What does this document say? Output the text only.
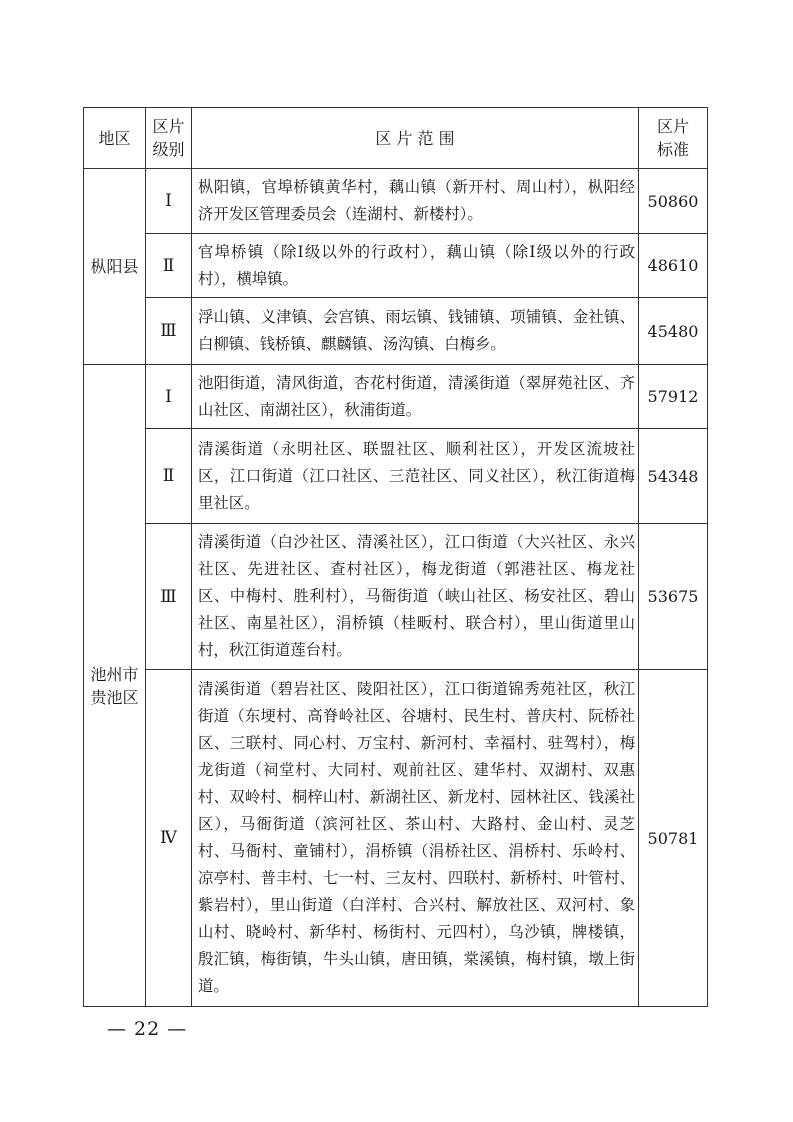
地区	区片级别	区 片 范 围	区片标准
枞阳县	Ⅰ	枞阳镇，官埠桥镇黄华村，藕山镇（新开村、周山村），枞阳经济开发区管理委员会（连湖村、新楼村）。	50860
	Ⅱ	官埠桥镇（除Ⅰ级以外的行政村），藕山镇（除Ⅰ级以外的行政村），横埠镇。	48610
	Ⅲ	浮山镇、义津镇、会宫镇、雨坛镇、钱铺镇、项铺镇、金社镇、白柳镇、钱桥镇、麒麟镇、汤沟镇、白梅乡。	45480
池州市贵池区	Ⅰ	池阳街道，清风街道，杏花村街道，清溪街道（翠屏苑社区、齐山社区、南湖社区），秋浦街道。	57912
	Ⅱ	清溪街道（永明社区、联盟社区、顺利社区），开发区流坡社区，江口街道（江口社区、三范社区、同义社区），秋江街道梅里社区。	54348
	Ⅲ	清溪街道（白沙社区、清溪社区），江口街道（大兴社区、永兴社区、先进社区、查村社区），梅龙街道（郭港社区、梅龙社区、中梅村、胜利村），马衙街道（峡山社区、杨安社区、碧山社区、南星社区），涓桥镇（桂畈村、联合村），里山街道里山村，秋江街道莲台村。	53675
	Ⅳ	清溪街道（碧岩社区、陵阳社区），江口街道锦秀苑社区，秋江街道（东埂村、高脊岭社区、谷塘村、民生村、普庆村、阮桥社区、三联村、同心村、万宝村、新河村、幸福村、驻驾村），梅龙街道（祠堂村、大同村、观前社区、建华村、双湖村、双惠村、双岭村、桐梓山村、新湖社区、新龙村、园林社区、钱溪社区），马衙街道（滨河社区、茶山村、大路村、金山村、灵芝村、马衙村、童铺村），涓桥镇（涓桥社区、涓桥村、乐岭村、凉亭村、普丰村、七一村、三友村、四联村、新桥村、叶管村、紫岩村），里山街道（白洋村、合兴村、解放社区、双河村、象山村、晓岭村、新华村、杨街村、元四村），乌沙镇，牌楼镇，殷汇镇，梅街镇，牛头山镇，唐田镇，棠溪镇，梅村镇，墩上街道。	50781
— 22 —
